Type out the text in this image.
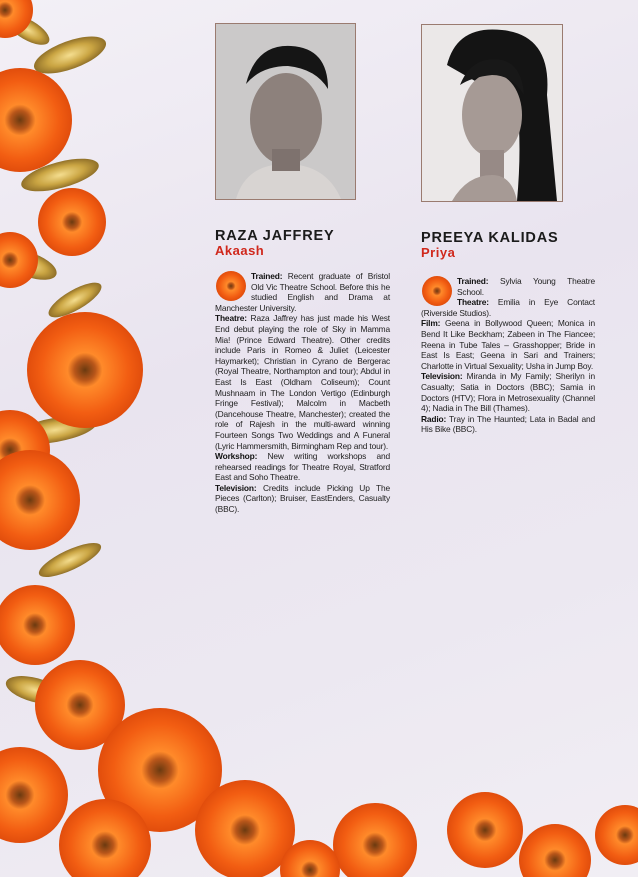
RAZA JAFFREY
Akaash
PREEYA KALIDAS
Priya

Trained: Recent graduate of Bristol Old Vic Theatre School. Before this he studied English and Drama at Manchester University.

Theatre: Raza Jaffrey has just made his West End debut playing the role of Sky in Mamma Mia! (Prince Edward Theatre). Other credits include Paris in Romeo & Juliet (Leicester Haymarket); Christian in Cyrano de Bergerac (Royal Theatre, Northampton and tour); Abdul in East Is East (Oldham Coliseum); Count Mushnaam in The London Vertigo (Edinburgh Fringe Festival); Malcolm in Macbeth (Dancehouse Theatre, Manchester); created the role of Rajesh in the multi-award winning Fourteen Songs Two Weddings and A Funeral (Lyric Hammersmith, Birmingham Rep and tour).

Workshop: New writing workshops and rehearsed readings for Theatre Royal, Stratford East and Soho Theatre.

Television: Credits include Picking Up The Pieces (Carlton); Bruiser, EastEnders, Casualty (BBC).

Trained: Sylvia Young Theatre School.

Theatre: Emilia in Eye Contact (Riverside Studios).

Film: Geena in Bollywood Queen; Monica in Bend It Like Beckham; Zabeen in The Fiancee; Reena in Tube Tales – Grasshopper; Bride in East Is East; Geena in Sari and Trainers; Charlotte in Virtual Sexuality; Usha in Jump Boy.

Television: Miranda in My Family; Sherilyn in Casualty; Satia in Doctors (BBC); Samia in Doctors (HTV); Flora in Metrosexuality (Channel 4); Nadia in The Bill (Thames).

Radio: Tray in The Haunted; Lata in Badal and His Bike (BBC).
